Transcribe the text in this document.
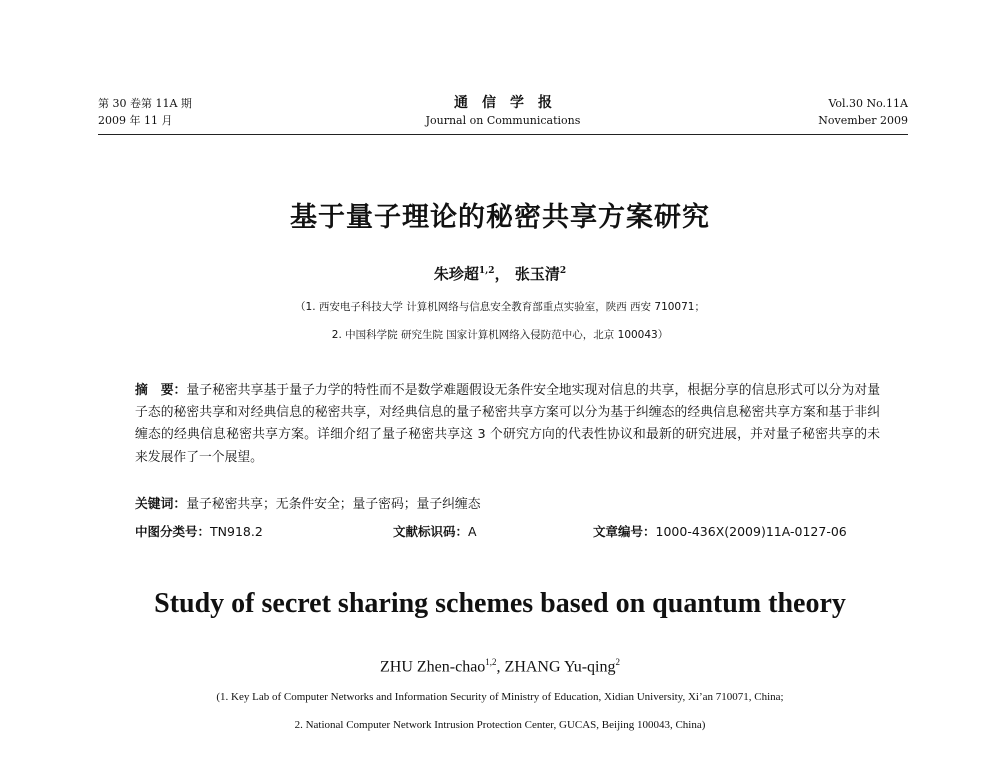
第 30 卷第 11A 期
2009 年 11 月
通信学报
Journal on Communications
Vol.30 No.11A
November 2009
基于量子理论的秘密共享方案研究
朱珍超$^{1,2}$， 张玉清$^2$
（1. 西安电子科技大学 计算机网络与信息安全教育部重点实验室，陕西 西安 710071；
2. 中国科学院 研究生院 国家计算机网络入侵防范中心，北京 100043）
摘　要：量子秘密共享基于量子力学的特性而不是数学难题假设无条件安全地实现对信息的共享，根据分享的信息形式可以分为对量子态的秘密共享和对经典信息的秘密共享，对经典信息的量子秘密共享方案可以分为基于纠缠态的经典信息秘密共享方案和基于非纠缠态的经典信息秘密共享方案。详细介绍了量子秘密共享这 3 个研究方向的代表性协议和最新的研究进展，并对量子秘密共享的未来发展作了一个展望。
关键词：量子秘密共享；无条件安全；量子密码；量子纠缠态
中图分类号：TN918.2	文献标识码：A	文章编号：1000-436X(2009)11A-0127-06
Study of secret sharing schemes based on quantum theory
ZHU Zhen-chao$^{1,2}$, ZHANG Yu-qing$^2$
(1. Key Lab of Computer Networks and Information Security of Ministry of Education, Xidian University, Xi’an 710071, China;
2. National Computer Network Intrusion Protection Center, GUCAS, Beijing 100043, China)
